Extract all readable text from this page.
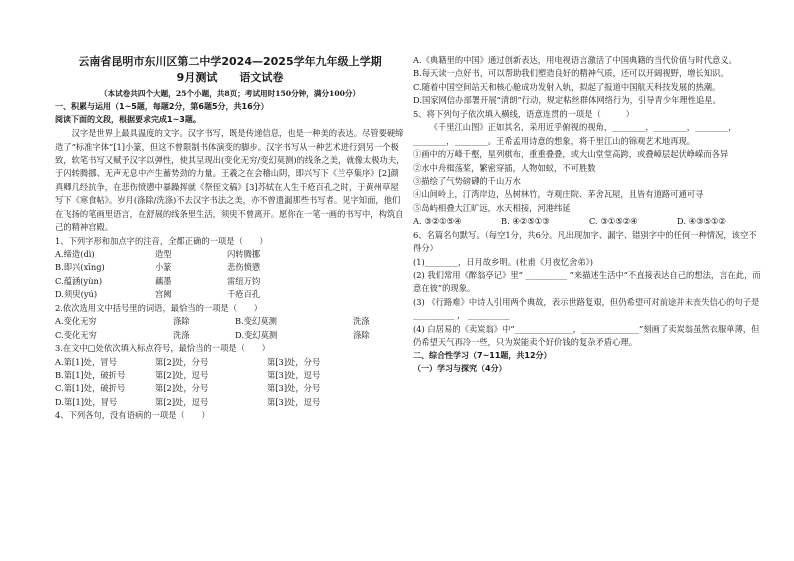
云南省昆明市东川区第二中学2024—2025学年九年级上学期
9月测试　　语文试卷
（本试卷共四个大题，25个小题，共8页；考试用时150分钟，满分100分）
一、积累与运用（1~5题，每题2分，第6题5分，共16分）
阅读下面的文段，根据要求完成1~3题。
汉字是世界上最具温度的文字。汉字书写，既是传递信息，也是一种美的表达。尽管要硬缔造了“标准字体”[1]小篆，但这不曾限制书体演变的脚步。汉字书写从一种艺术进行到另一个极致，软笔书写又赋予汉字以弹性，使其呈现出(变化无穷/变幻莫测)的线条之美，就像太极功夫，于闪转腾挪、无声无息中产生蓄势劲的力量。王羲之在会稽山阴，即兴写下《兰亭集序》[2]颜真卿几经抗争，在悲伤愤懑中暴躁挥就《祭侄文稿》[3]苏轼在人生千疮百孔之时，于黄州草屋写下《寒食帖》。岁月(涤除/洗涤)不去汉字书法之美，亦不曾遗漏那些书写者。见字知面，他们在飞扬的笔画里语言，在舒展的线条里生活，须臾不曾离开。愿你在一笔一画的书写中，构筑自己的精神宫殿。
1、下列字形和加点字的注音，全都正确的一项是（　　）
A.缔造(dì)	造型	闪转腾挪
B.即兴(xīng)	小篆	悲伤愤懑
C.蕴涵(yùn)	藕墨	雷纽万钧
D.须臾(yú)	宫阙	千疮百孔
2.依次选用文中括号里的词语，最恰当的一项是（　　）
A.变化无穷	涤除	B.变幻莫测	洗涤
C.变化无穷	洗涤	D.变幻莫测	涤除
3.在文中□处依次填入标点符号，最恰当的一项是（　　）
A.第[1]处，冒号	第[2]处，分号	第[3]处，分号
B.第[1]处，破折号	第[2]处，逗号	第[3]处，逗号
C.第[1]处，破折号	第[2]处，分号	第[3]处，分号
D.第[1]处，冒号	第[2]处，逗号	第[3]处，逗号
4、下列各句，没有语病的一项是（　　）
A.《典籍里的中国》通过创新表达，用电视语言激活了中国典籍的当代价值与时代意义。
B.每天读一点好书，可以帮助我们塑造良好的精神气质，还可以开阔视野，增长知识。
C.随着中国空间站天和核心舱成功发射入轨，拟起了报道中国航天科技发展的热潮。
D.国家网信办部署开展“清朗”行动，规定粘丝群体网络行为，引导青少年理性追星。
5、将下列句子依次填入横线，语意连贯的一项是（　　　）
《千里江山图》正如其名，采用近乎俯视的视角，________，________，________，________，________。王希孟用诗意的想象，将千里江山的锦观艺术地再现。
①画中的万峰千壑，星列棋布，重重叠叠，或大山堂堂高跨，或叠嶂层起伏峥嵘而各异
②水中舟楫荡桨，繁密穿插，人物如蚁，不可胜数
③描绘了气势磅礴的千山万水
④山间岭上，汀湾岸边，丛树林竹，寺观庄院、茅舍瓦屋，且皆有道路可通可寻
⑤岛屿相叠大江旷远，水天相接，河港纬延
A. ③②①⑤④	B. ④②⑤①③	C. ③①⑤②④	D. ④③⑤①②
6、名篇名句默写。（每空1分，共6分。凡出现加字、漏字、错别字中的任何一种情况，该空不得分）
(1)________，日月故乡明。(杜甫《月夜忆舍弟》)
(2) 我们常用《醉翁亭记》里“ __________ ”来描述生活中“不直接表达自己的想法，言在此，而意在彼”的现象。
(3) 《行路难》中诗人引用两个典故，表示世路复艰，但仍希望可对前途并未丧失信心的句子是 __________ ， __________
(4) 白居易的《卖炭翁》中“______________，______________”刻画了卖炭翁虽然衣服单薄，但仍希望天气再冷一些，只为炭能卖个好价钱的复杂矛盾心理。
二、综合性学习（7~11题，共12分）
（一）学习与探究（4分）
